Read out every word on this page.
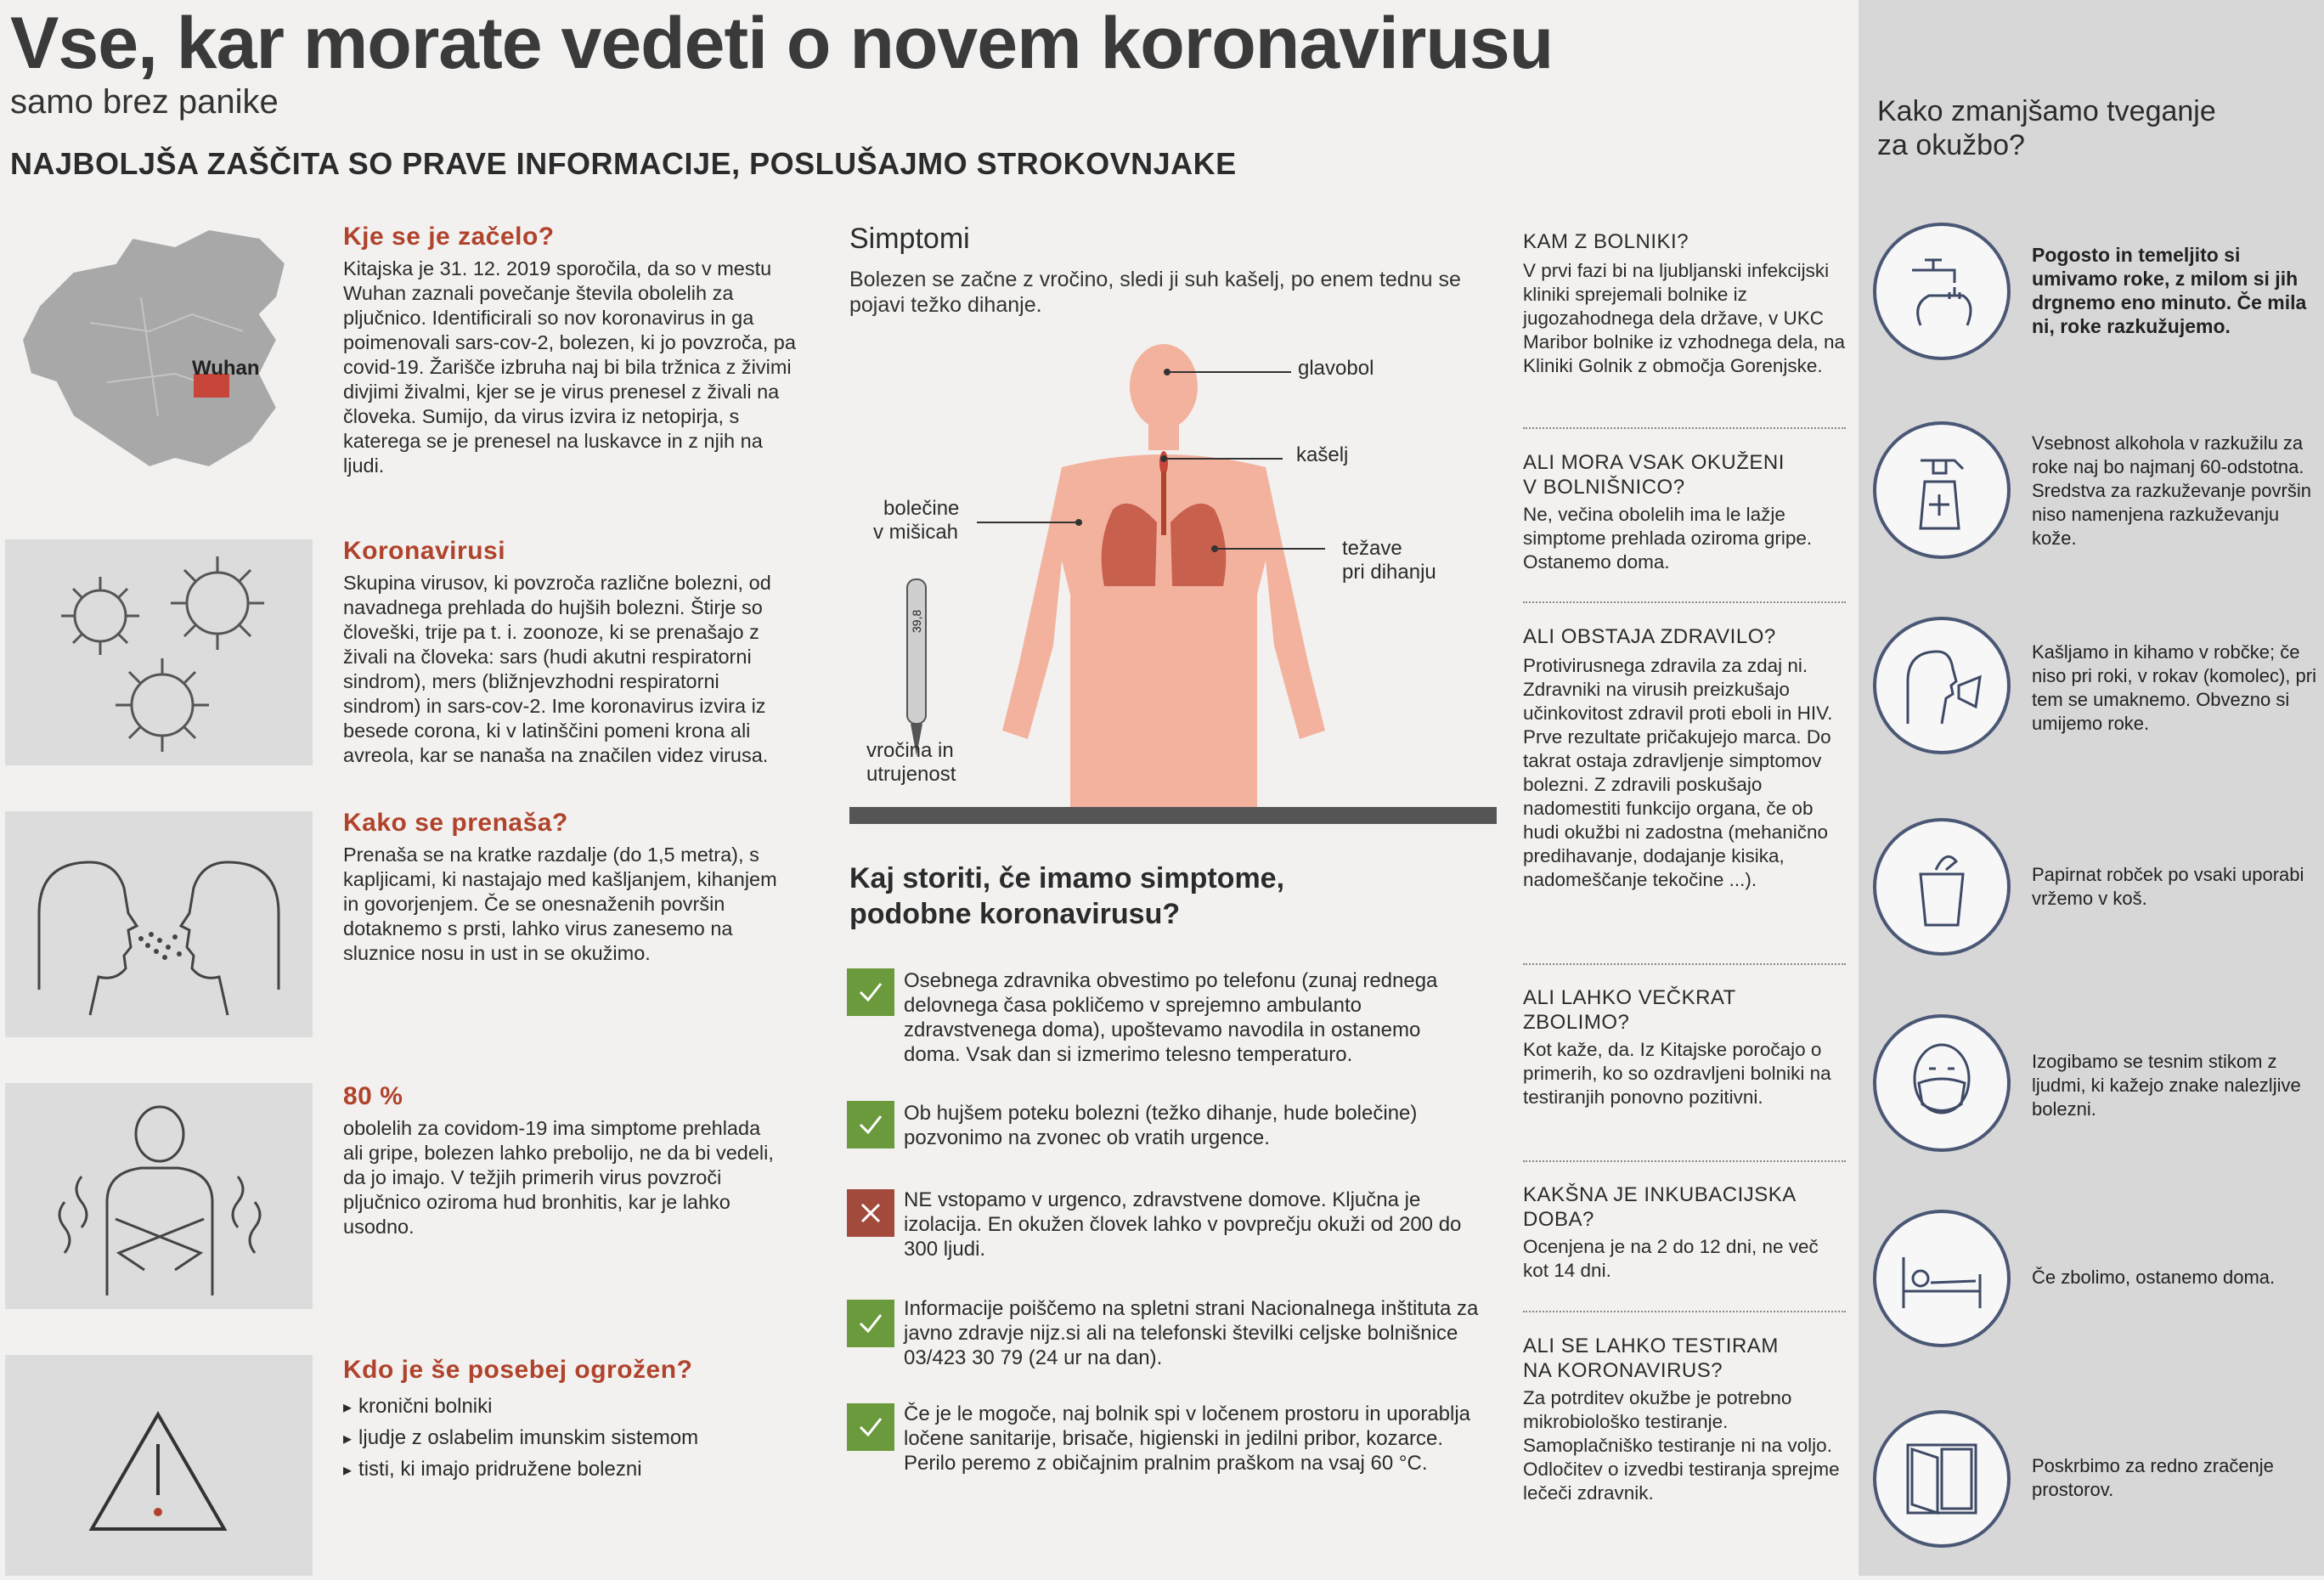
Vse, kar morate vedeti o novem koronavirusu
samo brez panike
NAJBOLJŠA ZAŠČITA SO PRAVE INFORMACIJE, POSLUŠAJMO STROKOVNJAKE
Wuhan
Kje se je začelo?
Kitajska je 31. 12. 2019 sporočila, da so v mestu Wuhan zaznali povečanje števila obolelih za pljučnico. Identificirali so nov koronavirus in ga poimenovali sars-cov-2, bolezen, ki jo povzroča, pa covid-19. Žarišče izbruha naj bi bila tržnica z živimi divjimi živalmi, kjer se je virus prenesel z živali na človeka. Sumijo, da virus izvira iz netopirja, s katerega se je prenesel na luskavce in z njih na ljudi.
Koronavirusi
Skupina virusov, ki povzroča različne bolezni, od navadnega prehlada do hujših bolezni. Štirje so človeški, trije pa t. i. zoonoze, ki se prenašajo z živali na človeka: sars (hudi akutni respiratorni sindrom), mers (bližnjevzhodni respiratorni sindrom) in sars-cov-2. Ime koronavirus izvira iz besede corona, ki v latinščini pomeni krona ali avreola, kar se nanaša na značilen videz virusa.
Kako se prenaša?
Prenaša se na kratke razdalje (do 1,5 metra), s kapljicami, ki nastajajo med kašljanjem, kihanjem in govorjenjem. Če se onesnaženih površin dotaknemo s prsti, lahko virus zanesemo na sluznice nosu in ust in se okužimo.
80 %
obolelih za covidom-19 ima simptome prehlada ali gripe, bolezen lahko prebolijo, ne da bi vedeli, da jo imajo. V težjih primerih virus povzroči pljučnico oziroma hud bronhitis, kar je lahko usodno.
Kdo je še posebej ogrožen?
▸ kronični bolniki
▸ ljudje z oslabelim imunskim sistemom
▸ tisti, ki imajo pridružene bolezni
Simptomi
Bolezen se začne z vročino, sledi ji suh kašelj, po enem tednu se pojavi težko dihanje.
39,8
glavobol
kašelj
težave
pri dihanju
bolečine
v mišicah
vročina in
utrujenost
Kaj storiti, če imamo simptome,
podobne koronavirusu?
Osebnega zdravnika obvestimo po telefonu (zunaj rednega delovnega časa pokličemo v sprejemno ambulanto zdravstvenega doma), upoštevamo navodila in ostanemo doma. Vsak dan si izmerimo telesno temperaturo.
Ob hujšem poteku bolezni (težko dihanje, hude bolečine) pozvonimo na zvonec ob vratih urgence.
NE vstopamo v urgenco, zdravstvene domove. Ključna je izolacija. En okužen človek lahko v povprečju okuži od 200 do 300 ljudi.
Informacije poiščemo na spletni strani Nacionalnega inštituta za javno zdravje nijz.si ali na telefonski številki celjske bolnišnice 03/423 30 79 (24 ur na dan).
Če je le mogoče, naj bolnik spi v ločenem prostoru in uporablja ločene sanitarije, brisače, higienski in jedilni pribor, kozarce. Perilo peremo z običajnim pralnim praškom na vsaj 60 °C.
KAM Z BOLNIKI?
V prvi fazi bi na ljubljanski infekcijski kliniki sprejemali bolnike iz jugozahodnega dela države, v UKC Maribor bolnike iz vzhodnega dela, na Kliniki Golnik z območja Gorenjske.
ALI MORA VSAK OKUŽENI
V BOLNIŠNICO?
Ne, večina obolelih ima le lažje simptome prehlada oziroma gripe. Ostanemo doma.
ALI OBSTAJA ZDRAVILO?
Protivirusnega zdravila za zdaj ni. Zdravniki na virusih preizkušajo učinkovitost zdravil proti eboli in HIV. Prve rezultate pričakujejo marca. Do takrat ostaja zdravljenje simptomov bolezni. Z zdravili poskušajo nadomestiti funkcijo organa, če ob hudi okužbi ni zadostna (mehanično predihavanje, dodajanje kisika, nadomeščanje tekočine ...).
ALI LAHKO VEČKRAT
ZBOLIMO?
Kot kaže, da. Iz Kitajske poročajo o primerih, ko so ozdravljeni bolniki na testiranjih ponovno pozitivni.
KAKŠNA JE INKUBACIJSKA
DOBA?
Ocenjena je na 2 do 12 dni, ne več kot 14 dni.
ALI SE LAHKO TESTIRAM
NA KORONAVIRUS?
Za potrditev okužbe je potrebno mikrobiološko testiranje. Samoplačniško testiranje ni na voljo. Odločitev o izvedbi testiranja sprejme lečeči zdravnik.
Kako zmanjšamo tveganje
za okužbo?
Pogosto in temeljito si umivamo roke, z milom si jih drgnemo eno minuto. Če mila ni, roke razkužujemo.
Vsebnost alkohola v razkužilu za roke naj bo najmanj 60-odstotna. Sredstva za razkuževanje površin niso namenjena razkuževanju kože.
Kašljamo in kihamo v robčke; če niso pri roki, v rokav (komolec), pri tem se umaknemo. Obvezno si umijemo roke.
Papirnat robček po vsaki uporabi vržemo v koš.
Izogibamo se tesnim stikom z ljudmi, ki kažejo znake nalezljive bolezni.
Če zbolimo, ostanemo doma.
Poskrbimo za redno zračenje prostorov.
